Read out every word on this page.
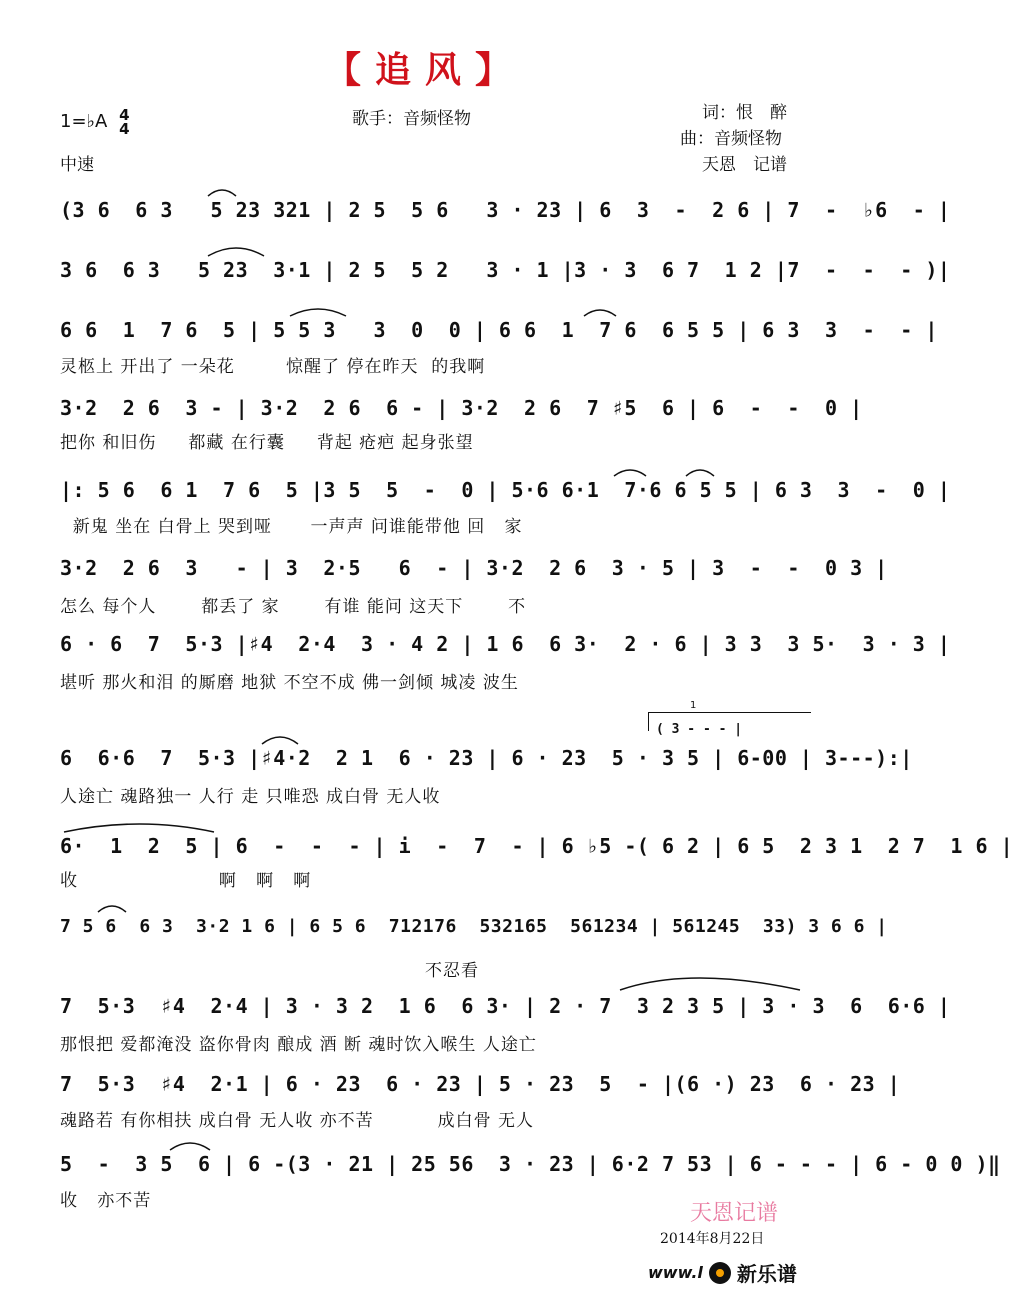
【追风】
1=♭A 4
4
中速
歌手：音频怪物	词：恨　醉
曲：音频怪物
天恩　记谱
(3 6  6 3   5 23 321 | 2 5  5 6   3 · 23 | 6  3  -  2 6 | 7  -  ♭6  - |
3 6  6 3   5 23  3·1 | 2 5  5 2   3 · 1 |3 · 3  6 7  1 2 |7  -  -  - )|
6 6  1  7 6  5 | 5 5 3   3  0  0 | 6 6  1  7 6  6 5 5 | 6 3  3  -  - |
灵柩上 开出了 一朵花        惊醒了 停在昨天  的我啊
3·2  2 6  3 - | 3·2  2 6  6 - | 3·2  2 6  7 ♯5  6 | 6  -  -  0 |
把你 和旧伤     都藏 在行囊     背起 疮疤 起身张望
|: 5 6  6 1  7 6  5 |3 5  5  -  0 | 5·6 6·1  7·6 6 5 5 | 6 3  3  -  0 |
新鬼 坐在 白骨上 哭到哑      一声声 问谁能带他 回   家
3·2  2 6  3   - | 3  2·5   6  - | 3·2  2 6  3 · 5 | 3  -  -  0 3 |
怎么 每个人       都丢了 家       有谁 能问 这天下       不
6 · 6  7  5·3 |♯4  2·4  3 · 4 2 | 1 6  6 3·  2 · 6 | 3 3  3 5·  3 · 3 |
堪听 那火和泪 的厮磨 地狱 不空不成 佛一剑倾 城凌 波生
1
( 3 - - - |
6  6·6  7  5·3 |♯4·2  2 1  6 · 23 | 6 · 23  5 · 3 5 | 6-00 | 3---):|
人途亡 魂路独一 人行 走 只唯恐 成白骨 无人收
6·  1  2  5 | 6  -  -  - | i  -  7  - | 6 ♭5 -( 6 2 | 6 5  2 3 1  2 7  1 6 |
收                      啊   啊   啊
7 5 6  6 3  3·2 1 6 | 6 5 6  712176  532165  561234 | 561245  33) 3 6 6 |
不忍看
7  5·3  ♯4  2·4 | 3 · 3 2  1 6  6 3· | 2 · 7  3 2 3 5 | 3 · 3  6  6·6 |
那恨把 爱都淹没 盗你骨肉 酿成 酒 断 魂时饮入喉生 人途亡
7  5·3  ♯4  2·1 | 6 · 23  6 · 23 | 5 · 23  5  - |(6 ·) 23  6 · 23 |
魂路若 有你相扶 成白骨 无人收 亦不苦          成白骨 无人
5  -  3 5  6 | 6 -(3 · 21 | 25 56  3 · 23 | 6·2 7 53 | 6 - - - | 6 - 0 0 )‖
收   亦不苦	天恩记谱
2014年8月22日
www.l 新乐谱
